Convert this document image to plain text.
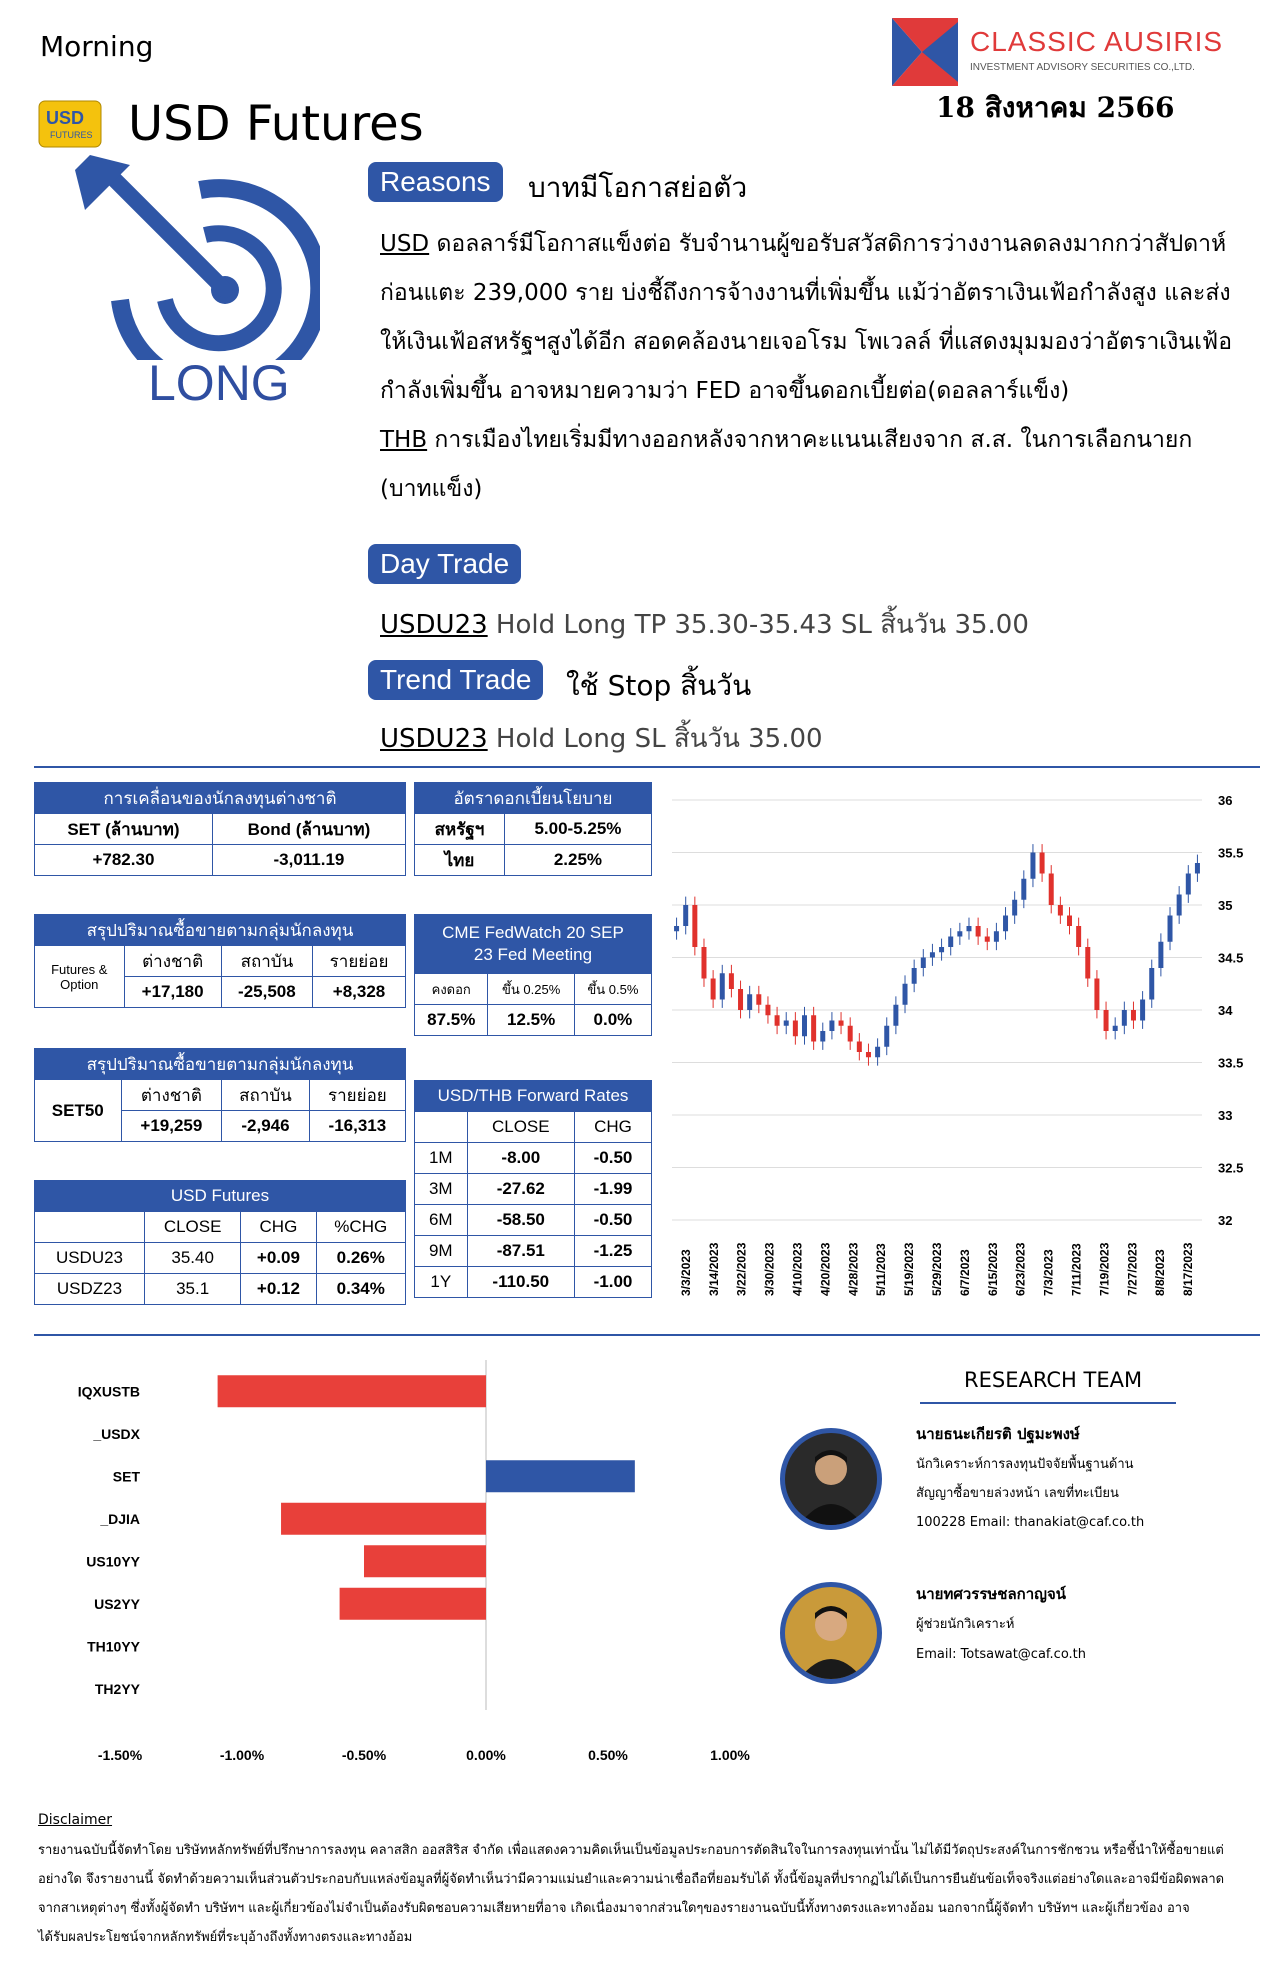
Morning	CLASSIC AUSIRIS
INVESTMENT ADVISORY SECURITIES CO.,LTD.
18 สิงหาคม 2566
USD
FUTURES USD Futures
LONG
Reasons	บาทมีโอกาสย่อตัว
USD ดอลลาร์มีโอกาสแข็งต่อ รับจำนานผู้ขอรับสวัสดิการว่างงานลดลงมากกว่าสัปดาห์
ก่อนแตะ 239,000 ราย บ่งชี้ถึงการจ้างงานที่เพิ่มขึ้น แม้ว่าอัตราเงินเฟ้อกำลังสูง และส่ง
ให้เงินเฟ้อสหรัฐฯสูงได้อีก สอดคล้องนายเจอโรม โพเวลล์ ที่แสดงมุมมองว่าอัตราเงินเฟ้อ
กำลังเพิ่มขึ้น อาจหมายความว่า FED อาจขึ้นดอกเบี้ยต่อ(ดอลลาร์แข็ง)
THB การเมืองไทยเริ่มมีทางออกหลังจากหาคะแนนเสียงจาก ส.ส. ในการเลือกนายก
(บาทแข็ง)
Day Trade
USDU23 Hold Long TP 35.30-35.43 SL สิ้นวัน 35.00
Trend Trade	ใช้ Stop สิ้นวัน
USDU23 Hold Long SL สิ้นวัน 35.00
การเคลื่อนของนักลงทุนต่างชาติ	
SET (ล้านบาท)	Bond (ล้านบาท)
+782.30	-3,011.19
อัตราดอกเบี้ยนโยบาย	
สหรัฐฯ	5.00-5.25%
ไทย	2.25%
สรุปปริมาณซื้อขายตามกลุ่มนักลงทุน			
Futures &
Option	ต่างชาติ	สถาบัน	รายย่อย
	+17,180	-25,508	+8,328
CME FedWatch 20 SEP
23 Fed Meeting		
คงดอก	ขึ้น 0.25%	ขึ้น 0.5%
87.5%	12.5%	0.0%
สรุปปริมาณซื้อขายตามกลุ่มนักลงทุน			
SET50	ต่างชาติ	สถาบัน	รายย่อย
	+19,259	-2,946	-16,313
USD/THB Forward Rates		
	CLOSE	CHG
1M	-8.00	-0.50
3M	-27.62	-1.99
6M	-58.50	-0.50
9M	-87.51	-1.25
1Y	-110.50	-1.00
USD Futures			
	CLOSE	CHG	%CHG
USDU23	35.40	+0.09	0.26%
USDZ23	35.1	+0.12	0.34%
36
35.5
35
34.5
34
33.5
33
32.5
32
3/3/2023 3/14/2023 3/22/2023 3/30/2023 4/10/2023 4/20/2023 4/28/2023 5/11/2023 5/19/2023 5/29/2023 6/7/2023 6/15/2023 6/23/2023 7/3/2023 7/11/2023 7/19/2023 7/27/2023 8/8/2023 8/17/2023
IQXUSTB
_USDX
SET
_DJIA
US10YY
US2YY
TH10YY
TH2YY
-1.50%	-1.00%	-0.50%	0.00%	0.50%	1.00%
RESEARCH TEAM
นายธนะเกียรติ ปฐมะพงษ์
นักวิเคราะห์การลงทุนปัจจัยพื้นฐานด้าน
สัญญาซื้อขายล่วงหน้า เลขที่ทะเบียน
100228 Email: thanakiat@caf.co.th
นายทศวรรษชลกาญจน์
ผู้ช่วยนักวิเคราะห์
Email: Totsawat@caf.co.th
Disclaimer
รายงานฉบับนี้จัดทำโดย บริษัทหลักทรัพย์ที่ปรึกษาการลงทุน คลาสสิก ออสสิริส จำกัด เพื่อแสดงความคิดเห็นเป็นข้อมูลประกอบการตัดสินใจในการลงทุนเท่านั้น ไม่ได้มีวัตถุประสงค์ในการชักชวน หรือชี้นำให้ซื้อขายแต่
อย่างใด จึงรายงานนี้ จัดทำด้วยความเห็นส่วนตัวประกอบกับแหล่งข้อมูลที่ผู้จัดทำเห็นว่ามีความแม่นยำและความน่าเชื่อถือที่ยอมรับได้ ทั้งนี้ข้อมูลที่ปรากฏไม่ได้เป็นการยืนยันข้อเท็จจริงแต่อย่างใดและอาจมีข้อผิดพลาด
จากสาเหตุต่างๆ ซึ่งทั้งผู้จัดทำ บริษัทฯ และผู้เกี่ยวข้องไม่จำเป็นต้องรับผิดชอบความเสียหายที่อาจ เกิดเนื่องมาจากส่วนใดๆของรายงานฉบับนี้ทั้งทางตรงและทางอ้อม นอกจากนี้ผู้จัดทำ บริษัทฯ และผู้เกี่ยวข้อง อาจ
ได้รับผลประโยชน์จากหลักทรัพย์ที่ระบุอ้างถึงทั้งทางตรงและทางอ้อม
